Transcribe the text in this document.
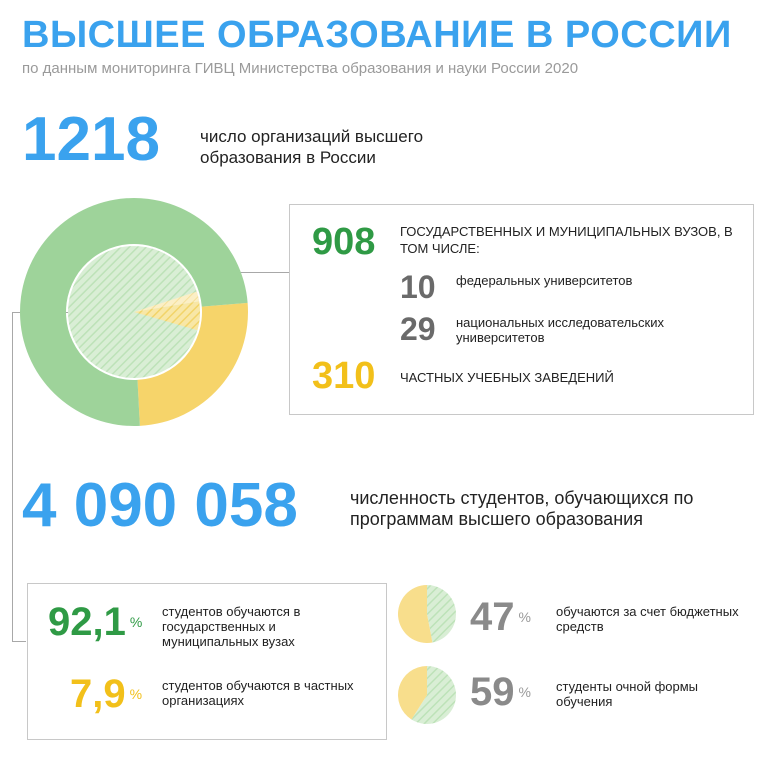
ВЫСШЕЕ ОБРАЗОВАНИЕ В РОССИИ
по данным мониторинга ГИВЦ Министерства образования и науки России 2020
1218 число организаций высшего образования в России
908 ГОСУДАРСТВЕННЫХ И МУНИЦИПАЛЬНЫХ ВУЗОВ, В ТОМ ЧИСЛЕ:
10 федеральных университетов
29 национальных исследовательских университетов
310 ЧАСТНЫХ УЧЕБНЫХ ЗАВЕДЕНИЙ
4 090 058	численность студентов, обучающихся по программам высшего образования
92,1 %
студентов обучаются в государственных и муниципальных вузах
7,9 %
студентов обучаются в частных организациях
47 % обучаются за счет бюджетных средств
59 % студенты очной формы обучения
